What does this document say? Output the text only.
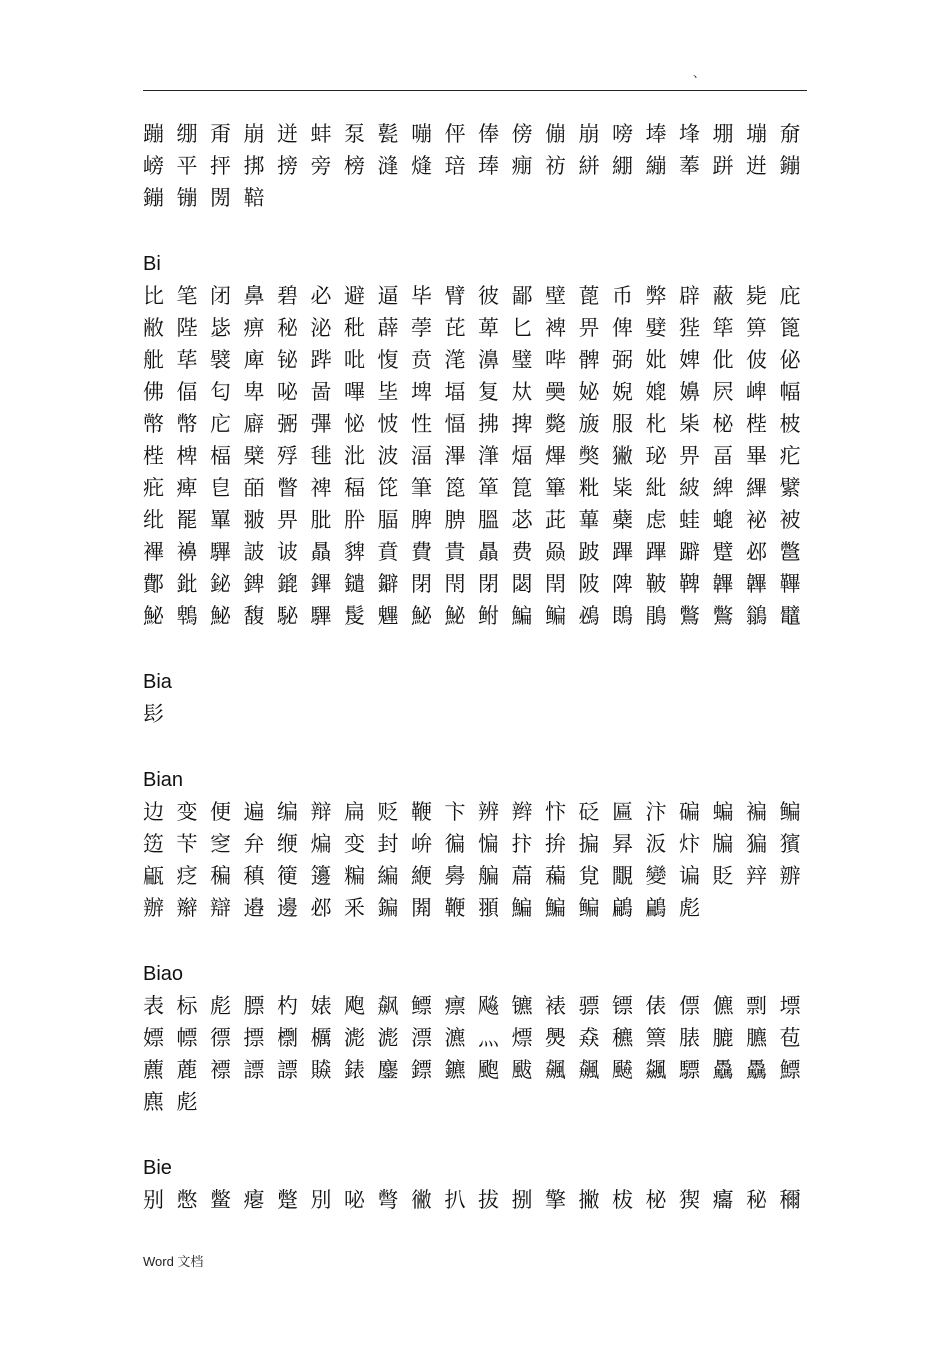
、
蹦绷甭崩迸蚌泵甏嘣伻俸傍傰崩嗙埲埄堋塴奟
嵭平抨挷搒旁榜漨熢琣琫痭祊絣綳繃菶跰逬鏰
鏰镚閍鞛
Bi
比笔闭鼻碧必避逼毕臂彼鄙壁蓖币弊辟蔽毙庇
敝陛毖痹秘泌秕薜荸芘萆匕裨畀俾嬖狴筚箅篦
舭荜襞庳铋跸吡愎贲滗濞璧哔髀弼妣婢仳佊佖
佛偪匂卑咇啚嗶坒埤堛复夶奰妼婗媲嬶屄崥幅
幤幣庀廦弻彃怭怶性愊拂捭斃旇服朼枈柲梐柀
梐椑楅檗殍毴沘波湢滭潷煏熚獘獙珌畀畐畢疕
疪痺皀皕瞥禆稫笓筆箆箪箟篳粃粊紕紴綼縪繴
纰罷罼翍畀肶肸腷脾腗膃苾茈蓽蘗虑蛙螕袐被
襅襣驆詖诐贔貏賁費貴贔费赑跛蹕蹕躃躄邲鄨
鄪鈚鉍錍鎞鏎鑓鐴閉閇閉閟閈陂陴鞁鞞韠韠鞸
鮅鵯鮅馥駜驆髲魓鮅鮅鲋鯿鳊鴓鵖鵑鷩鷩鶲鼊
Bia
髟
Bian
边变便遍编辩扁贬鞭卞辨辫忭砭匾汴碥蝙褊鳊
笾苄窆弁缏煸变封峅徧惼抃拚揙昪汳炞牑猵獱
甂疺稨稹箯籩糄編緶臱艑萹藊覍覵變谝貶辡辧
辦辮辯邉邊邲釆鍽閞鞭頨鯿鯿鳊鶣鶣彪
Biao
表标彪膘杓婊飑飙鳔瘭飚镳裱骠镖俵僄儦剽墂
嫖幖徱摽檦櫔滮滮漂瀌灬熛爂猋穮篻脿膔臕苞
藨蔍褾謤謤贆錶鏖鏢鑣颮颰飆飆飇飊驃驫驫鰾
麃彪
Bie
别憋鳖瘪蹩別咇彆徶扒拔捌擎撇柭柲猰癟秘穪
Word 文档
